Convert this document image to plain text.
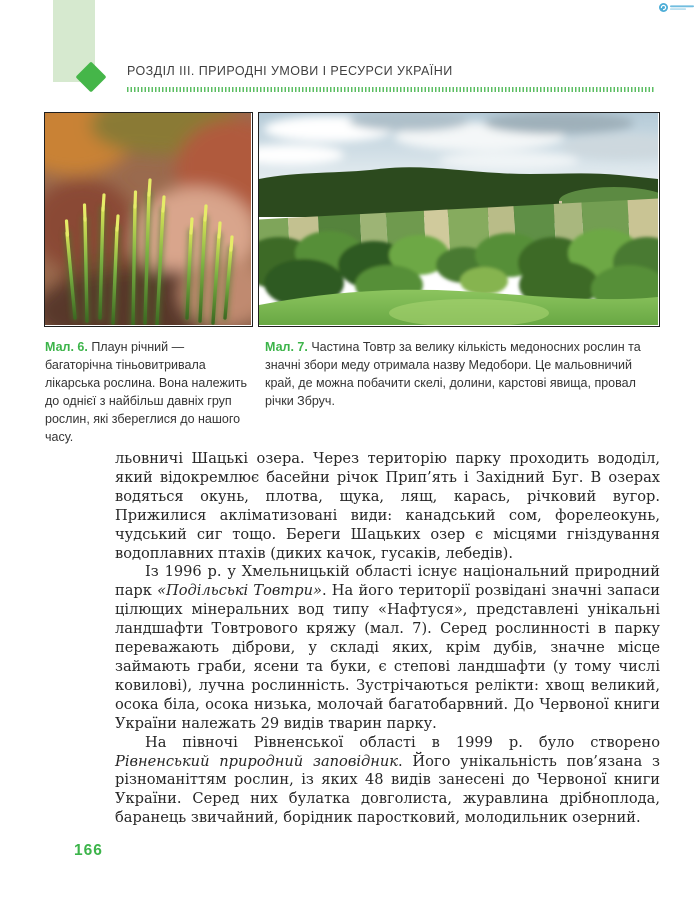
РОЗДІЛ III. ПРИРОДНІ УМОВИ І РЕСУРСИ УКРАЇНИ
Мал. 6. Плаун річний — багаторічна тіньовитривала лікарська рослина. Вона належить до однієї з найбільш давніх груп рослин, які збереглися до нашого часу.
Мал. 7. Частина Товтр за велику кількість медоносних рослин та значні збори меду отримала назву Медобори. Це мальовничий край, де можна побачити скелі, долини, карстові явища, провал річки Збруч.

льовничі Шацькі озера. Через територію парку проходить вододіл, який відокремлює басейни річок Прип’ять і Західний Буг. В озерах водяться окунь, плотва, щука, лящ, карась, річковий вугор. Прижилися акліматизовані види: канадський сом, форелеокунь, чудський сиг тощо. Береги Шацьких озер є місцями гніздування водоплавних птахів (диких качок, гусаків, лебедів).

Із 1996 р. у Хмельницькій області існує національний природний парк «Подільські Товтри». На його території розвідані значні запаси цілющих мінеральних вод типу «Нафтуся», представлені унікальні ландшафти Товтрового кряжу (мал. 7). Серед рослинності в парку переважають діброви, у складі яких, крім дубів, значне місце займають граби, ясени та буки, є степові ландшафти (у тому числі ковилові), лучна рослинність. Зустрічаються релікти: хвощ великий, осока біла, осока низька, молочай багатобарвний. До Червоної книги України належать 29 видів тварин парку.

На півночі Рівненської області в 1999 р. було створено Рівненський природний заповідник. Його унікальність пов’язана з різноманіттям рослин, із яких 48 видів занесені до Червоної книги України. Серед них булатка довголиста, журавлина дрібноплода, баранець звичайний, борідник паростковий, молодильник озерний.

166
